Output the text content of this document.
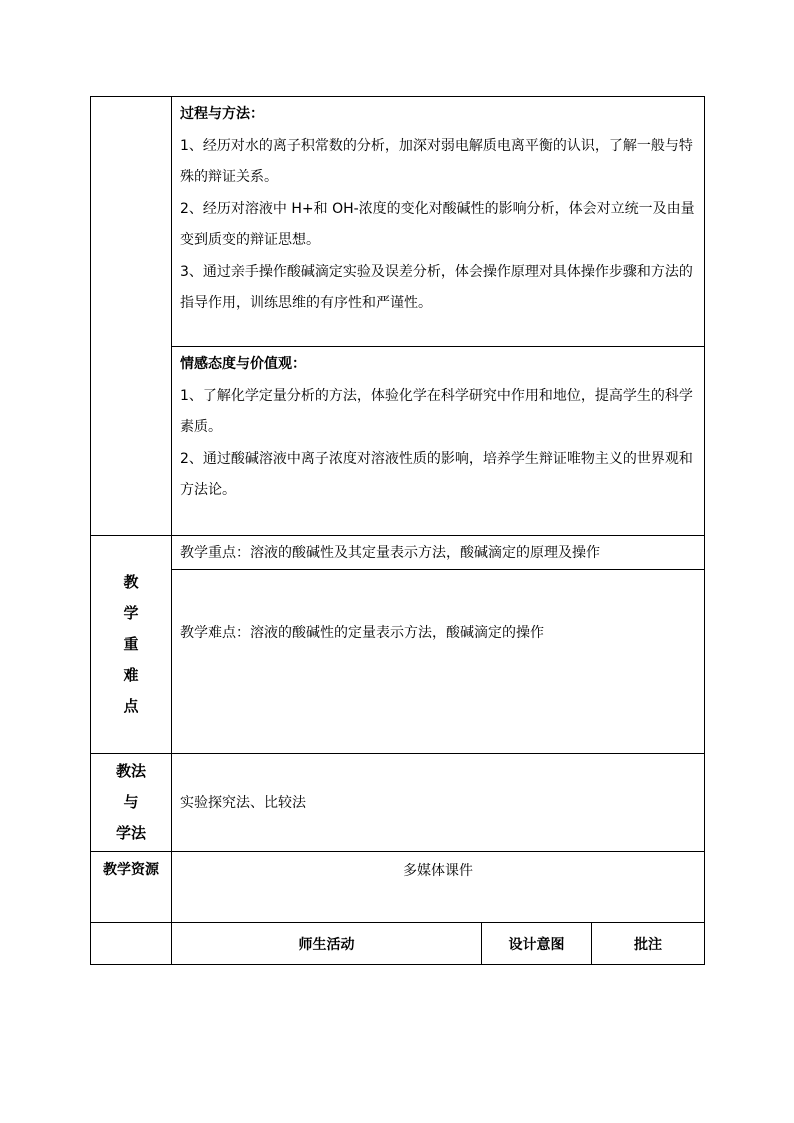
	过程与方法：

1、经历对水的离子积常数的分析，加深对弱电解质电离平衡的认识，了解一般与特殊的辩证关系。

2、经历对溶液中 H+和 OH-浓度的变化对酸碱性的影响分析，体会对立统一及由量变到质变的辩证思想。

3、通过亲手操作酸碱滴定实验及误差分析，体会操作原理对具体操作步骤和方法的指导作用，训练思维的有序性和严谨性。		

	情感态度与价值观：

1、了解化学定量分析的方法，体验化学在科学研究中作用和地位，提高学生的科学素质。

2、通过酸碱溶液中离子浓度对溶液性质的影响，培养学生辩证唯物主义的世界观和方法论。		

教
学
重
难
点	教学重点：溶液的酸碱性及其定量表示方法，酸碱滴定的原理及操作		

	教学难点：溶液的酸碱性的定量表示方法，酸碱滴定的操作		

教法
与
学法	实验探究法、比较法		

教学资源	多媒体课件		

	师生活动	设计意图	批注
